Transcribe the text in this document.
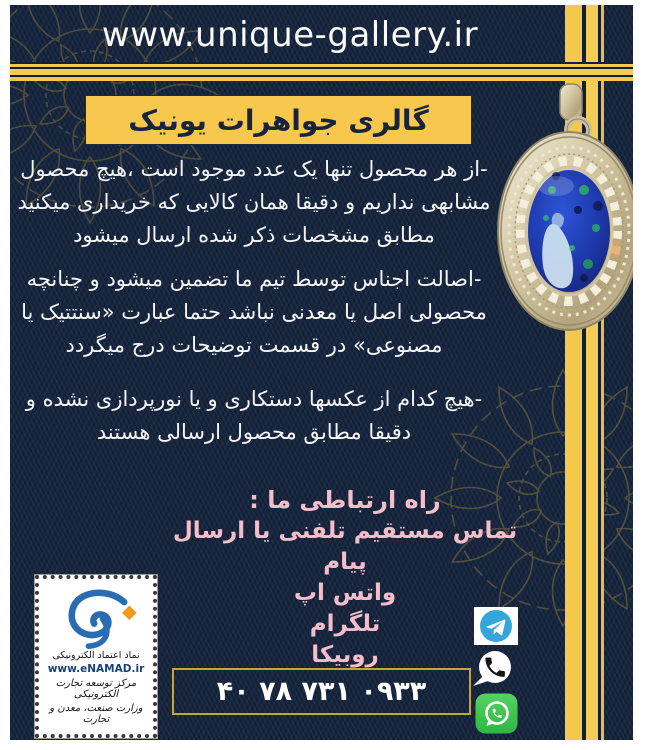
www.unique-gallery.ir
گالری جواهرات یونیک

-از هر محصول تنها یک عدد موجود است ،هیچ محصول مشابهی نداریم و دقیقا همان کالایی که خریداری میکنید مطابق مشخصات ذکر شده ارسال میشود

-اصالت اجناس توسط تیم ما تضمین میشود و چنانچه محصولی اصل یا معدنی نباشد حتما عبارت «سنتتیک یا مصنوعی» در قسمت توضیحات درج میگردد

-هیچ کدام از عکسها دستکاری و یا نورپردازی نشده و دقیقا مطابق محصول ارسالی هستند

راه ارتباطی ما :
تماس مستقیم تلفنی یا ارسال پیام
واتس اپ
تلگرام
روبیکا
نماد اعتماد الکترونیکی
www.eNAMAD.ir
مرکز توسعه تجارت الکترونیکی
وزارت صنعت، معدن و تجارت
۰۹۳۳ ۷۳۱ ۷۸ ۴۰
